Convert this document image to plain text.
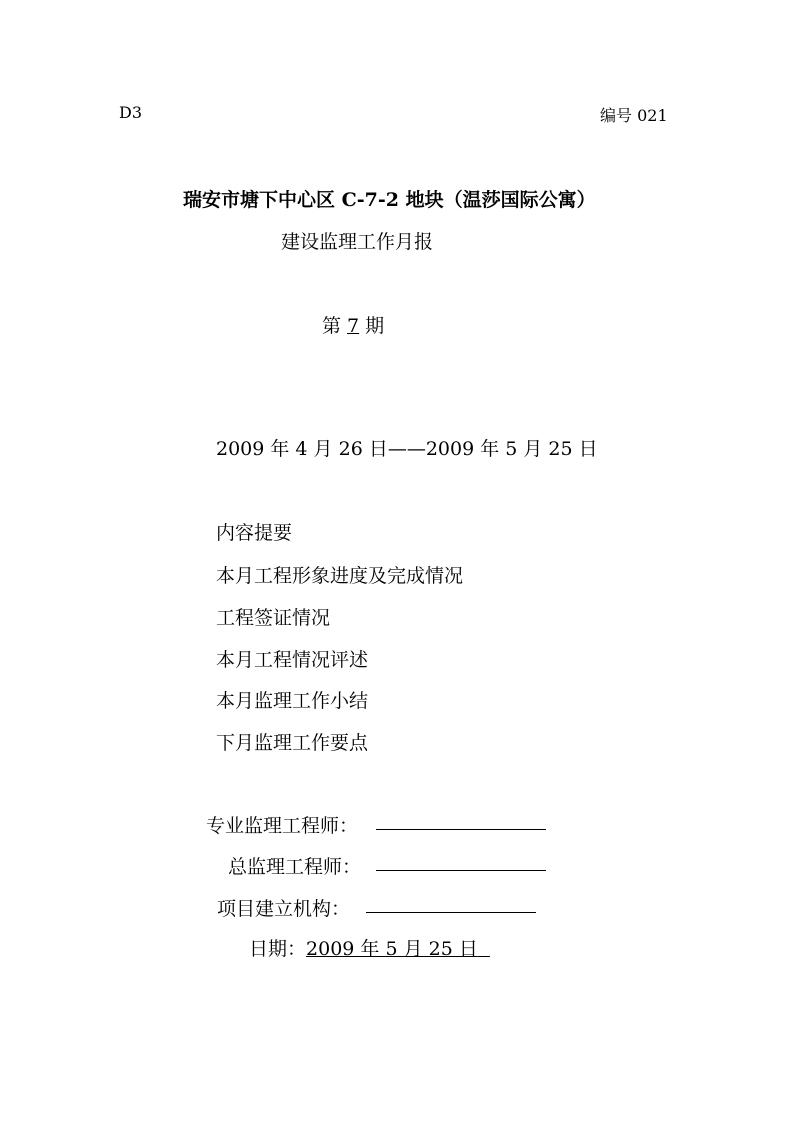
D3	编号 021
瑞安市塘下中心区 C-7-2 地块（温莎国际公寓）
建设监理工作月报
第 7 期
2009 年 4 月 26 日——2009 年 5 月 25 日
内容提要
本月工程形象进度及完成情况
工程签证情况
本月工程情况评述
本月监理工作小结
下月监理工作要点
专业监理工程师：
总监理工程师：
项目建立机构：
日期：2009 年 5 月 25 日
